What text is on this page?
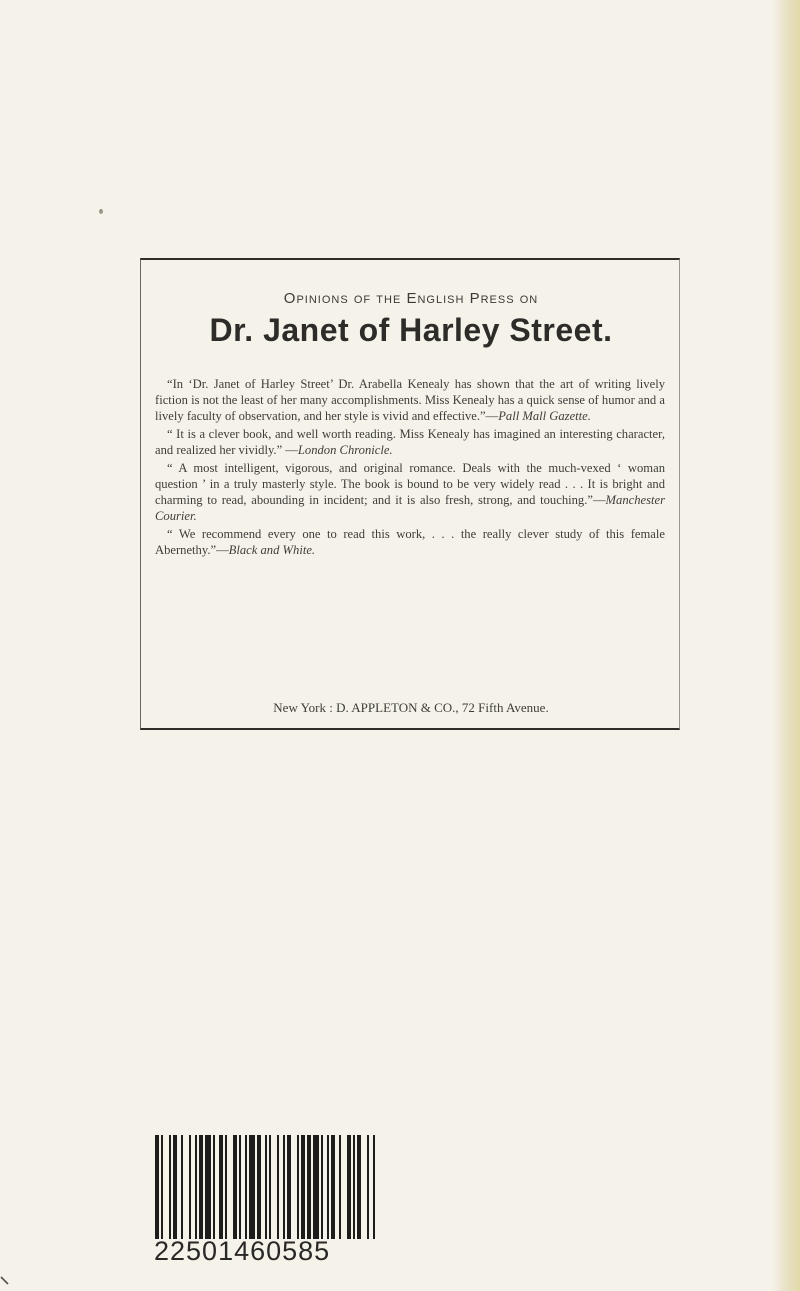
Opinions of the English Press on
Dr. Janet of Harley Street.

“In ‘Dr. Janet of Harley Street’ Dr. Arabella Kenealy has shown that the art of writing lively fiction is not the least of her many accomplishments. Miss Kenealy has a quick sense of humor and a lively faculty of observation, and her style is vivid and effective.”—Pall Mall Gazette.

“ It is a clever book, and well worth reading. Miss Kenealy has imagined an interesting character, and realized her vividly.” —London Chronicle.

“ A most intelligent, vigorous, and original romance. Deals with the much-vexed ‘ woman question ’ in a truly masterly style. The book is bound to be very widely read . . . It is bright and charming to read, abounding in incident; and it is also fresh, strong, and touching.”—Manchester Courier.

“ We recommend every one to read this work, . . . the really clever study of this female Abernethy.”—Black and White.

New York : D. APPLETON & CO., 72 Fifth Avenue.
22501460585
